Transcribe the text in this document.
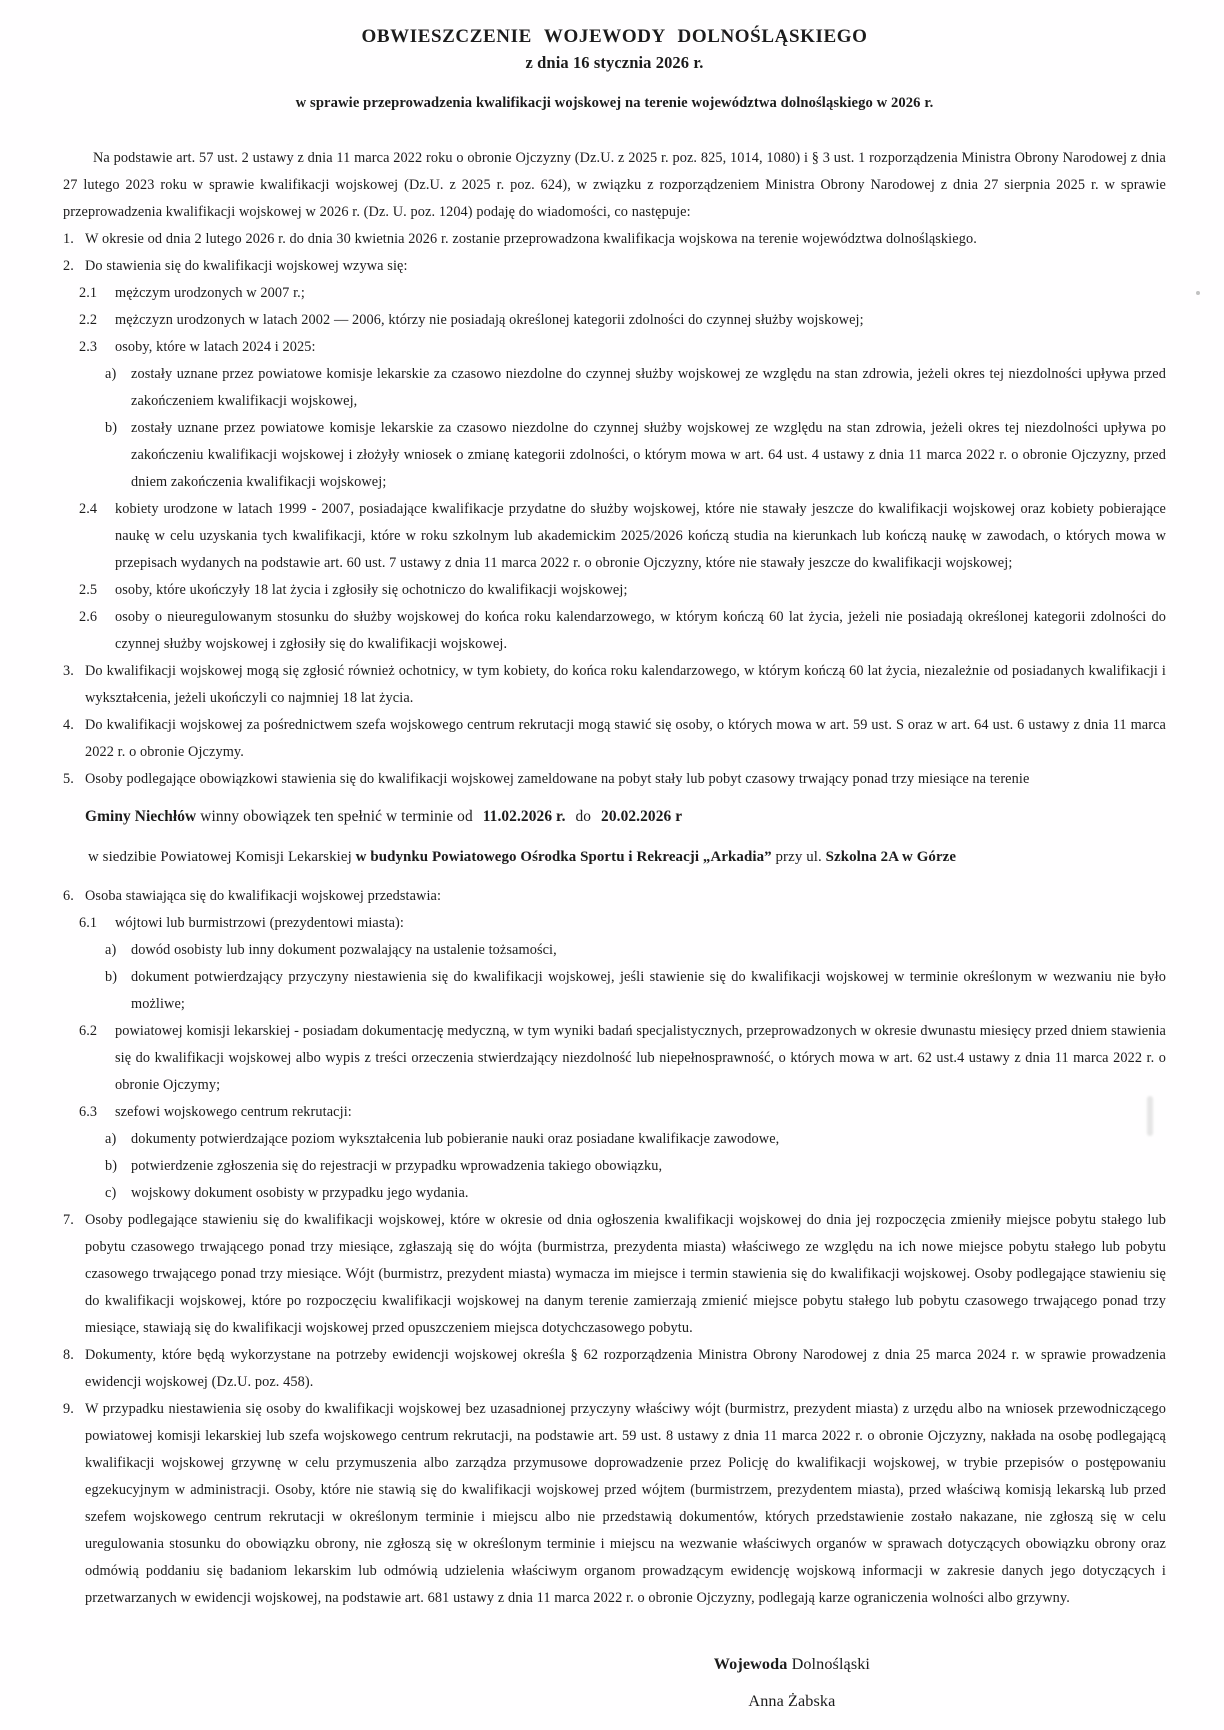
OBWIESZCZENIE WOJEWODY DOLNOŚLĄSKIEGO
z dnia 16 stycznia 2026 r.
w sprawie przeprowadzenia kwalifikacji wojskowej na terenie województwa dolnośląskiego w 2026 r.

Na podstawie art. 57 ust. 2 ustawy z dnia 11 marca 2022 roku o obronie Ojczyzny (Dz.U. z 2025 r. poz. 825, 1014, 1080) i § 3 ust. 1 rozporządzenia Ministra Obrony Narodowej z dnia 27 lutego 2023 roku w sprawie kwalifikacji wojskowej (Dz.U. z 2025 r. poz. 624), w związku z rozporządzeniem Ministra Obrony Narodowej z dnia 27 sierpnia 2025 r. w sprawie przeprowadzenia kwalifikacji wojskowej w 2026 r. (Dz. U. poz. 1204) podaję do wiadomości, co następuje:

1. W okresie od dnia 2 lutego 2026 r. do dnia 30 kwietnia 2026 r. zostanie przeprowadzona kwalifikacja wojskowa na terenie województwa dolnośląskiego.
2. Do stawienia się do kwalifikacji wojskowej wzywa się:
2.1 mężczym urodzonych w 2007 r.;
2.2 mężczyzn urodzonych w latach 2002 — 2006, którzy nie posiadają określonej kategorii zdolności do czynnej służby wojskowej;
2.3 osoby, które w latach 2024 i 2025:
a) zostały uznane przez powiatowe komisje lekarskie za czasowo niezdolne do czynnej służby wojskowej ze względu na stan zdrowia, jeżeli okres tej niezdolności upływa przed zakończeniem kwalifikacji wojskowej,
b) zostały uznane przez powiatowe komisje lekarskie za czasowo niezdolne do czynnej służby wojskowej ze względu na stan zdrowia, jeżeli okres tej niezdolności upływa po zakończeniu kwalifikacji wojskowej i złożyły wniosek o zmianę kategorii zdolności, o którym mowa w art. 64 ust. 4 ustawy z dnia 11 marca 2022 r. o obronie Ojczyzny, przed dniem zakończenia kwalifikacji wojskowej;
2.4 kobiety urodzone w latach 1999 - 2007, posiadające kwalifikacje przydatne do służby wojskowej, które nie stawały jeszcze do kwalifikacji wojskowej oraz kobiety pobierające naukę w celu uzyskania tych kwalifikacji, które w roku szkolnym lub akademickim 2025/2026 kończą studia na kierunkach lub kończą naukę w zawodach, o których mowa w przepisach wydanych na podstawie art. 60 ust. 7 ustawy z dnia 11 marca 2022 r. o obronie Ojczyzny, które nie stawały jeszcze do kwalifikacji wojskowej;
2.5 osoby, które ukończyły 18 lat życia i zgłosiły się ochotniczo do kwalifikacji wojskowej;
2.6 osoby o nieuregulowanym stosunku do służby wojskowej do końca roku kalendarzowego, w którym kończą 60 lat życia, jeżeli nie posiadają określonej kategorii zdolności do czynnej służby wojskowej i zgłosiły się do kwalifikacji wojskowej.
3. Do kwalifikacji wojskowej mogą się zgłosić również ochotnicy, w tym kobiety, do końca roku kalendarzowego, w którym kończą 60 lat życia, niezależnie od posiadanych kwalifikacji i wykształcenia, jeżeli ukończyli co najmniej 18 lat życia.
4. Do kwalifikacji wojskowej za pośrednictwem szefa wojskowego centrum rekrutacji mogą stawić się osoby, o których mowa w art. 59 ust. S oraz w art. 64 ust. 6 ustawy z dnia 11 marca 2022 r. o obronie Ojczymy.
5. Osoby podlegające obowiązkowi stawienia się do kwalifikacji wojskowej zameldowane na pobyt stały lub pobyt czasowy trwający ponad trzy miesiące na terenie
Gminy Niechłów winny obowiązek ten spełnić w terminie od 11.02.2026 r. do 20.02.2026 r
w siedzibie Powiatowej Komisji Lekarskiej w budynku Powiatowego Ośrodka Sportu i Rekreacji „Arkadia” przy ul. Szkolna 2A w Górze
6. Osoba stawiająca się do kwalifikacji wojskowej przedstawia:
6.1 wójtowi lub burmistrzowi (prezydentowi miasta):
a) dowód osobisty lub inny dokument pozwalający na ustalenie tożsamości,
b) dokument potwierdzający przyczyny niestawienia się do kwalifikacji wojskowej, jeśli stawienie się do kwalifikacji wojskowej w terminie określonym w wezwaniu nie było możliwe;
6.2 powiatowej komisji lekarskiej - posiadam dokumentację medyczną, w tym wyniki badań specjalistycznych, przeprowadzonych w okresie dwunastu miesięcy przed dniem stawienia się do kwalifikacji wojskowej albo wypis z treści orzeczenia stwierdzający niezdolność lub niepełnosprawność, o których mowa w art. 62 ust.4 ustawy z dnia 11 marca 2022 r. o obronie Ojczymy;
6.3 szefowi wojskowego centrum rekrutacji:
a) dokumenty potwierdzające poziom wykształcenia lub pobieranie nauki oraz posiadane kwalifikacje zawodowe,
b) potwierdzenie zgłoszenia się do rejestracji w przypadku wprowadzenia takiego obowiązku,
c) wojskowy dokument osobisty w przypadku jego wydania.
7. Osoby podlegające stawieniu się do kwalifikacji wojskowej, które w okresie od dnia ogłoszenia kwalifikacji wojskowej do dnia jej rozpoczęcia zmieniły miejsce pobytu stałego lub pobytu czasowego trwającego ponad trzy miesiące, zgłaszają się do wójta (burmistrza, prezydenta miasta) właściwego ze względu na ich nowe miejsce pobytu stałego lub pobytu czasowego trwającego ponad trzy miesiące. Wójt (burmistrz, prezydent miasta) wymacza im miejsce i termin stawienia się do kwalifikacji wojskowej. Osoby podlegające stawieniu się do kwalifikacji wojskowej, które po rozpoczęciu kwalifikacji wojskowej na danym terenie zamierzają zmienić miejsce pobytu stałego lub pobytu czasowego trwającego ponad trzy miesiące, stawiają się do kwalifikacji wojskowej przed opuszczeniem miejsca dotychczasowego pobytu.
8. Dokumenty, które będą wykorzystane na potrzeby ewidencji wojskowej określa § 62 rozporządzenia Ministra Obrony Narodowej z dnia 25 marca 2024 r. w sprawie prowadzenia ewidencji wojskowej (Dz.U. poz. 458).
9. W przypadku niestawienia się osoby do kwalifikacji wojskowej bez uzasadnionej przyczyny właściwy wójt (burmistrz, prezydent miasta) z urzędu albo na wniosek przewodniczącego powiatowej komisji lekarskiej lub szefa wojskowego centrum rekrutacji, na podstawie art. 59 ust. 8 ustawy z dnia 11 marca 2022 r. o obronie Ojczyzny, nakłada na osobę podlegającą kwalifikacji wojskowej grzywnę w celu przymuszenia albo zarządza przymusowe doprowadzenie przez Policję do kwalifikacji wojskowej, w trybie przepisów o postępowaniu egzekucyjnym w administracji. Osoby, które nie stawią się do kwalifikacji wojskowej przed wójtem (burmistrzem, prezydentem miasta), przed właściwą komisją lekarską lub przed szefem wojskowego centrum rekrutacji w określonym terminie i miejscu albo nie przedstawią dokumentów, których przedstawienie zostało nakazane, nie zgłoszą się w celu uregulowania stosunku do obowiązku obrony, nie zgłoszą się w określonym terminie i miejscu na wezwanie właściwych organów w sprawach dotyczących obowiązku obrony oraz odmówią poddaniu się badaniom lekarskim lub odmówią udzielenia właściwym organom prowadzącym ewidencję wojskową informacji w zakresie danych jego dotyczących i przetwarzanych w ewidencji wojskowej, na podstawie art. 681 ustawy z dnia 11 marca 2022 r. o obronie Ojczyzny, podlegają karze ograniczenia wolności albo grzywny.
Wojewoda Dolnośląski
Anna Żabska
